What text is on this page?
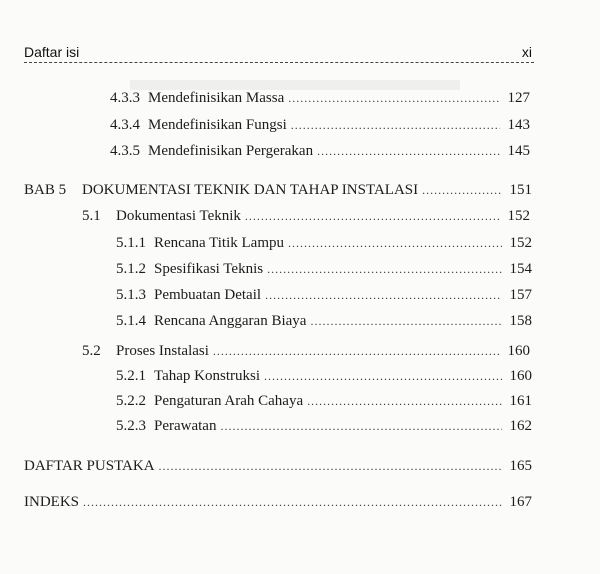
Daftar isi	xi
4.3.3 Mendefinisikan Massa .....	127
4.3.4 Mendefinisikan Fungsi .....	143
4.3.5 Mendefinisikan Pergerakan .....	145
BAB 5	DOKUMENTASI TEKNIK DAN TAHAP INSTALASI .....	151
5.1	Dokumentasi Teknik .....	152
5.1.1 Rencana Titik Lampu .....	152
5.1.2 Spesifikasi Teknis .....	154
5.1.3 Pembuatan Detail .....	157
5.1.4 Rencana Anggaran Biaya .....	158
5.2	Proses Instalasi .....	160
5.2.1 Tahap Konstruksi .....	160
5.2.2 Pengaturan Arah Cahaya .....	161
5.2.3 Perawatan .....	162
DAFTAR PUSTAKA .....	165
INDEKS .....	167
